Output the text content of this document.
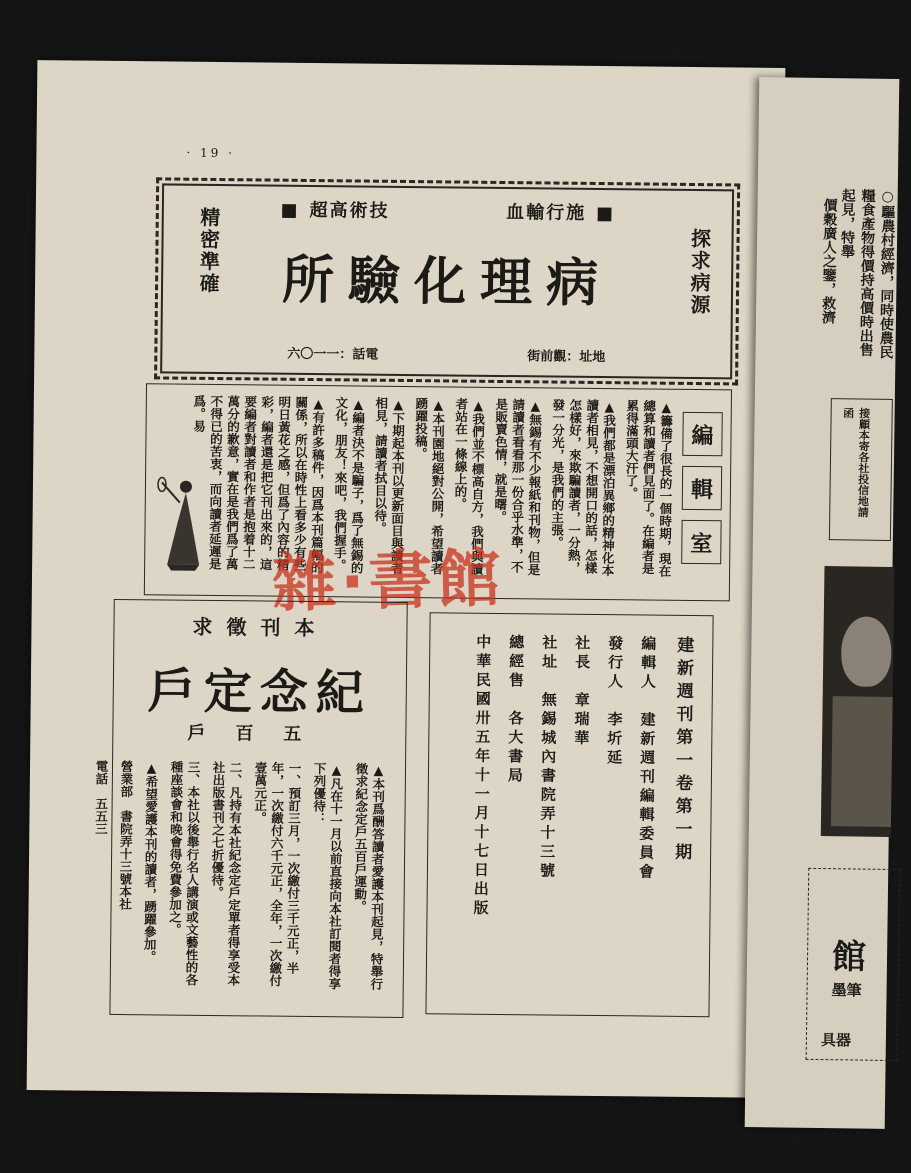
· 19 ·
■ 超高術技	血輸行施 ■
所驗化理病
精密準確	探求病源
六〇一一：話電	街前觀：址地

▲籌備了很長的一個時期，現在總算和讀者們見面了。在編者是累得滿頭大汗了。

▲我們都是漂泊異鄉的精神化本讀者相見，不想開口的話，怎樣怎樣好，來欺騙讀者，一分熱，發一分光，是我們的主張。

▲無錫有不少報紙和刊物，但是請讀者看看那一份合乎水準，不是販賣色情，就是曙。

▲我們並不標高自方，我們與讀者站在一條線上的。

▲本刊園地絕對公開，希望讀者踴躍投稿。

▲下期起本刊以更新面目與讀者相見，請讀者拭目以待。

▲編者決不是騙子，爲了無錫的文化，朋友！來吧，我們握手。

▲有許多稿件，因爲本刊篇幅的關係，所以在時性上看多少有些明日黃花之感，但爲了內容的精彩，編者還是把它刊出來的，這要編者對讀者和作者是抱着十二萬分的歉意，實在是我們爲了萬不得已的苦衷，而向讀者延遲是爲。易

編
輯
室
雜·書館
求徵刊本
戶定念紀
戶百五

▲本刊爲酬答讀者愛護本刊起見，特舉行徵求紀念定戶五百戶運動。

▲凡在十一月以前直接向本社訂閱者得享下列優待：

一、預訂三月，一次繳付三千元正，半年，一次繳付六千元正，全年，一次繳付壹萬元正。

二、凡持有本社紀念定戶定單者得享受本社出版書刊之七折優待。

三、本社以後舉行名人講演或文藝性的各種座談會和晚會得免費參加之。

▲希望愛護本刊的讀者，踴躍參加。

營業部　書院弄十三號本社

電話　五五三	建新週刊第一卷第一期
編輯人　建新週刊編輯委員會
發行人　李圻延
社長　章瑞華
社址　無錫城內書院弄十三號
總經售　各大書局
中華民國卅五年十一月十七日出版
○驅農村經濟，同時使農民糧食產物得價持高價時出售起見，特舉
價穀廣人之鑒，救濟
接顧本寄各社投信地請函
館
墨筆
具器
